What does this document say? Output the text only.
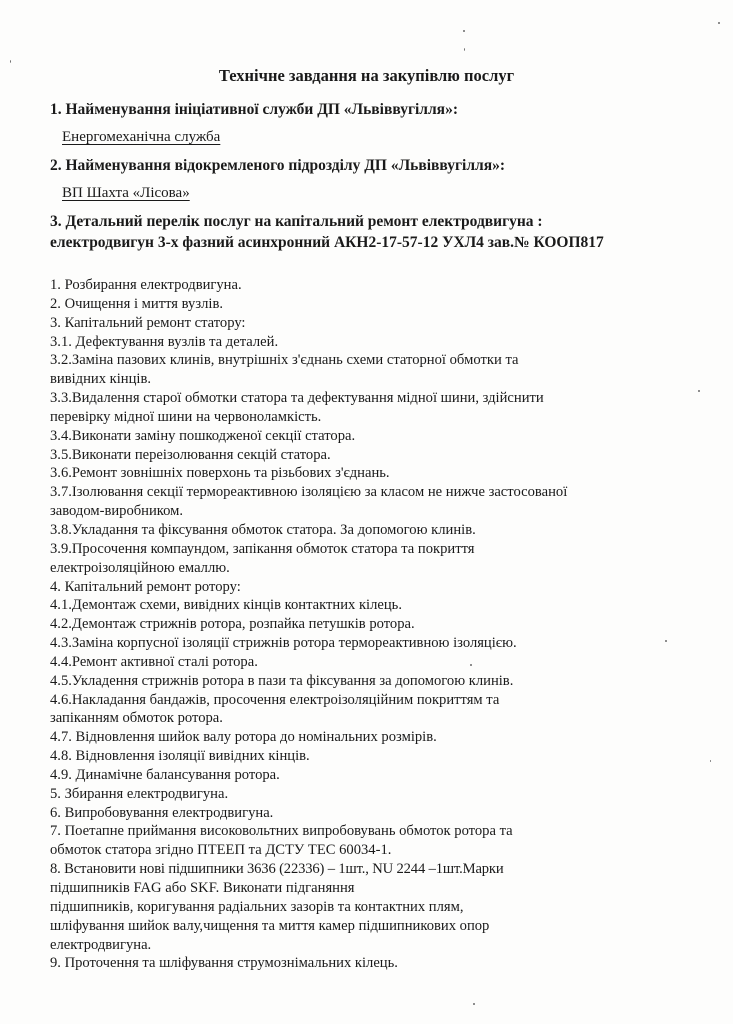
Технічне завдання на закупівлю послуг
1. Найменування ініціативної служби ДП «Львіввугілля»:
Енергомеханічна служба
2. Найменування відокремленого підрозділу ДП «Львіввугілля»:
ВП Шахта «Лісова»
3. Детальний перелік послуг на капітальний ремонт електродвигуна :
електродвигун 3-х фазний асинхронний АКН2-17-57-12 УХЛ4 зав.№ КООП817
1. Розбирання електродвигуна.
2. Очищення і миття вузлів.
3. Капітальний ремонт статору:
3.1. Дефектування вузлів та деталей.
3.2.Заміна пазових клинів, внутрішніх з'єднань схеми статорної обмотки та
вивідних кінців.
3.3.Видалення старої обмотки статора та дефектування мідної шини, здійснити
перевірку мідної шини на червоноламкість.
3.4.Виконати заміну пошкодженої секції статора.
3.5.Виконати переізолювання секцій статора.
3.6.Ремонт зовнішніх поверхонь та різьбових з'єднань.
3.7.Ізолювання секції термореактивною ізоляцією за класом не нижче застосованої
заводом-виробником.
3.8.Укладання та фіксування обмоток статора. За допомогою клинів.
3.9.Просочення компаундом, запікання обмоток статора та покриття
електроізоляційною емаллю.
4. Капітальний ремонт ротору:
4.1.Демонтаж схеми, вивідних кінців контактних кілець.
4.2.Демонтаж стрижнів ротора, розпайка петушків ротора.
4.3.Заміна корпусної ізоляції стрижнів ротора термореактивною ізоляцією.
4.4.Ремонт активної сталі ротора.
4.5.Укладення стрижнів ротора в пази та фіксування за допомогою клинів.
4.6.Накладання бандажів, просочення електроізоляційним покриттям та
запіканням обмоток ротора.
4.7. Відновлення шийок валу ротора до номінальних розмірів.
4.8. Відновлення ізоляції вивідних кінців.
4.9. Динамічне балансування ротора.
5. Збирання електродвигуна.
6. Випробовування електродвигуна.
7. Поетапне приймання високовольтних випробовувань обмоток ротора та
обмоток статора згідно ПТЕЕП та ДСТУ ТЕС 60034-1.
8. Встановити нові підшипники 3636 (22336) – 1шт., NU 2244 –1шт.Марки
підшипників FAG або SKF. Виконати підганяння
підшипників, коригування радіальних зазорів та контактних плям,
шліфування шийок валу,чищення та миття камер підшипникових опор
електродвигуна.
9. Проточення та шліфування струмознімальних кілець.
